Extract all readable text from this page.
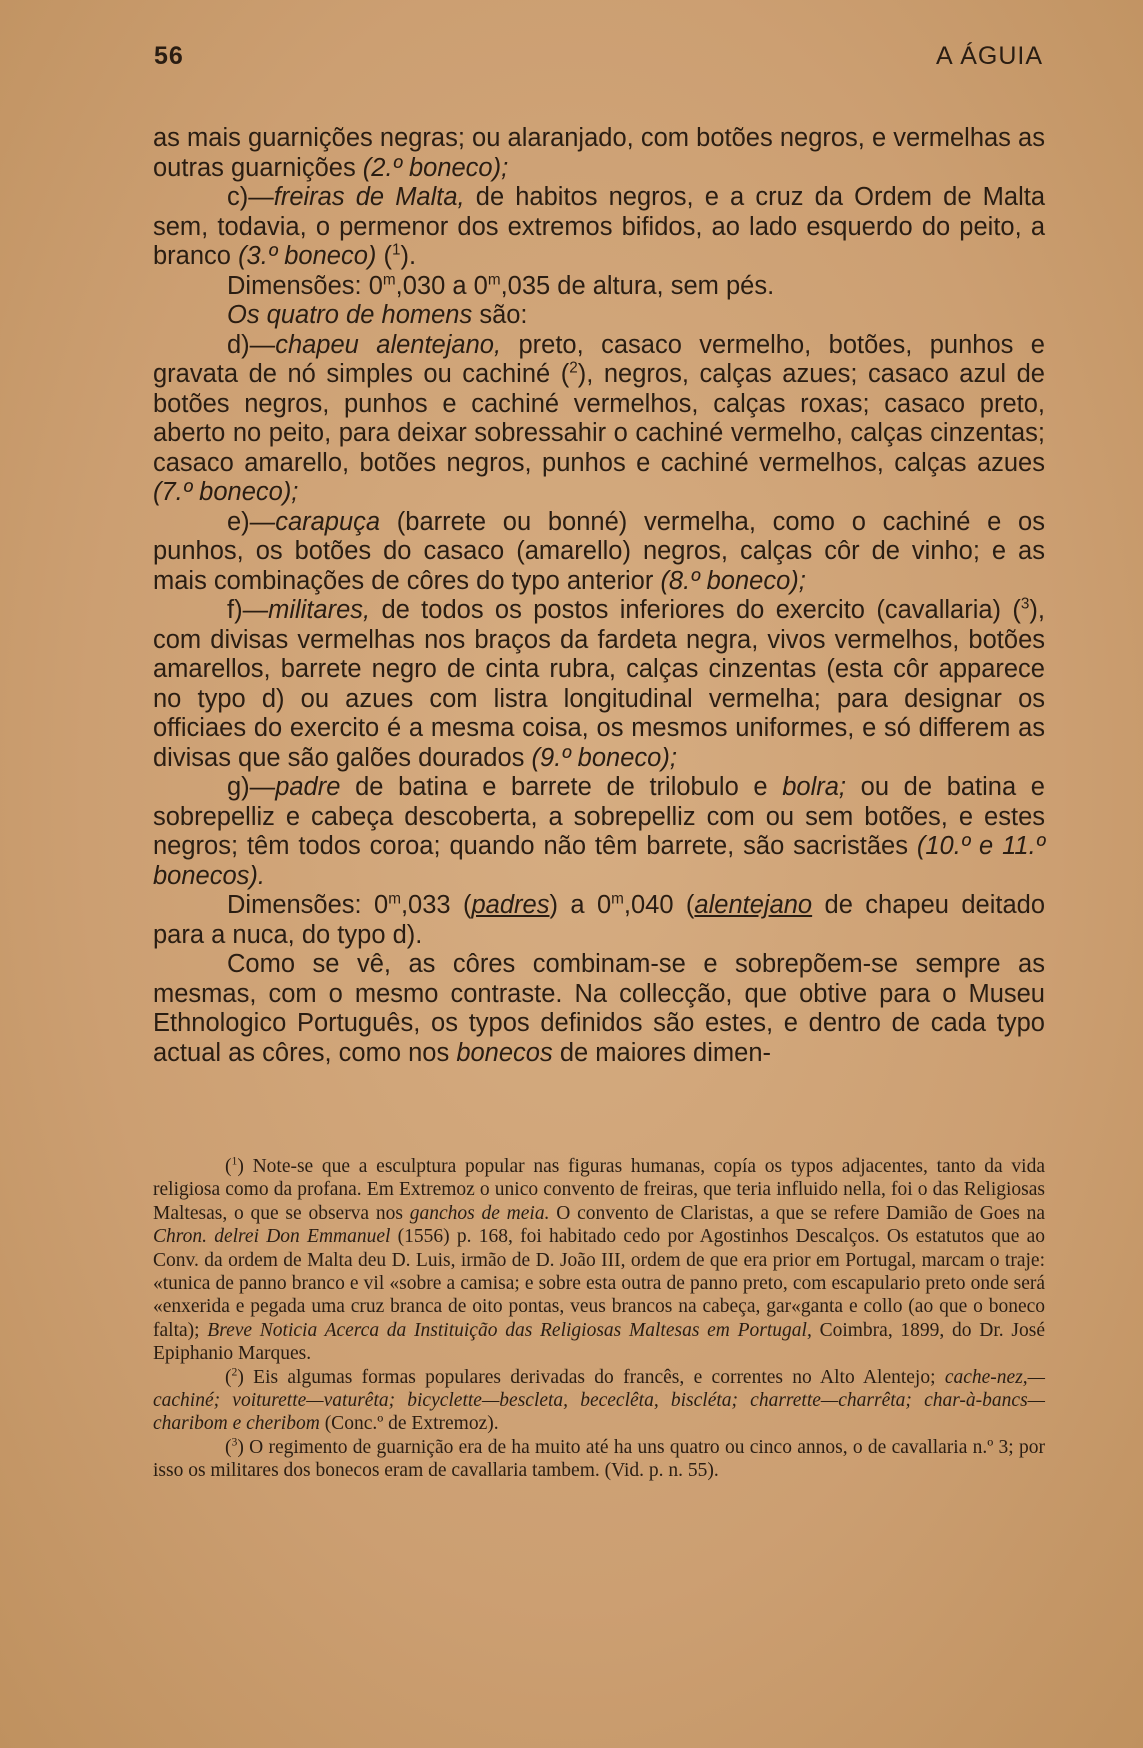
56	A ÁGUIA

as mais guarnições negras; ou alaranjado, com botões negros, e vermelhas as outras guarnições (2.º boneco);

c)—freiras de Malta, de habitos negros, e a cruz da Ordem de Malta sem, todavia, o permenor dos extremos bifidos, ao lado esquerdo do peito, a branco (3.º boneco) ($^1$).

Dimensões: 0$^m$,030 a 0$^m$,035 de altura, sem pés.

Os quatro de homens são:

d)—chapeu alentejano, preto, casaco vermelho, botões, punhos e gravata de nó simples ou cachiné ($^2$), negros, calças azues; casaco azul de botões negros, punhos e cachiné vermelhos, calças roxas; casaco preto, aberto no peito, para deixar sobressahir o cachiné vermelho, calças cinzentas; casaco amarello, botões negros, punhos e cachiné vermelhos, calças azues (7.º boneco);

e)—carapuça (barrete ou bonné) vermelha, como o cachiné e os punhos, os botões do casaco (amarello) negros, calças côr de vinho; e as mais combinações de côres do typo anterior (8.º boneco);

f)—militares, de todos os postos inferiores do exercito (cavallaria) ($^3$), com divisas vermelhas nos braços da fardeta negra, vivos vermelhos, botões amarellos, barrete negro de cinta rubra, calças cinzentas (esta côr apparece no typo d) ou azues com listra longitudinal vermelha; para designar os officiaes do exercito é a mesma coisa, os mesmos uniformes, e só differem as divisas que são galões dourados (9.º boneco);

g)—padre de batina e barrete de trilobulo e bolra; ou de batina e sobrepelliz e cabeça descoberta, a sobrepelliz com ou sem botões, e estes negros; têm todos coroa; quando não têm barrete, são sacristães (10.º e 11.º bonecos).

Dimensões: 0$^m$,033 (padres) a 0$^m$,040 (alentejano de chapeu deitado para a nuca, do typo d).

Como se vê, as côres combinam-se e sobrepõem-se sempre as mesmas, com o mesmo contraste. Na collecção, que obtive para o Museu Ethnologico Português, os typos definidos são estes, e dentro de cada typo actual as côres, como nos bonecos de maiores dimen-

($^1$) Note-se que a esculptura popular nas figuras humanas, copía os typos adjacentes, tanto da vida religiosa como da profana. Em Extremoz o unico convento de freiras, que teria influido nella, foi o das Religiosas Maltesas, o que se observa nos ganchos de meia. O convento de Claristas, a que se refere Damião de Goes na Chron. delrei Don Emmanuel (1556) p. 168, foi habitado cedo por Agostinhos Descalços. Os estatutos que ao Conv. da ordem de Malta deu D. Luis, irmão de D. João III, ordem de que era prior em Portugal, marcam o traje: «tunica de panno branco e vil «sobre a camisa; e sobre esta outra de panno preto, com escapulario preto onde será «enxerida e pegada uma cruz branca de oito pontas, veus brancos na cabeça, gar«ganta e collo (ao que o boneco falta); Breve Noticia Acerca da Instituição das Religiosas Maltesas em Portugal, Coimbra, 1899, do Dr. José Epiphanio Marques.

($^2$) Eis algumas formas populares derivadas do francês, e correntes no Alto Alentejo; cache-nez,—cachiné; voiturette—vaturêta; bicyclette—bescleta, bececlêta, biscléta; charrette—charrêta; char-à-bancs—charibom e cheribom (Conc.º de Extremoz).

($^3$) O regimento de guarnição era de ha muito até ha uns quatro ou cinco annos, o de cavallaria n.º 3; por isso os militares dos bonecos eram de cavallaria tambem. (Vid. p. n. 55).
